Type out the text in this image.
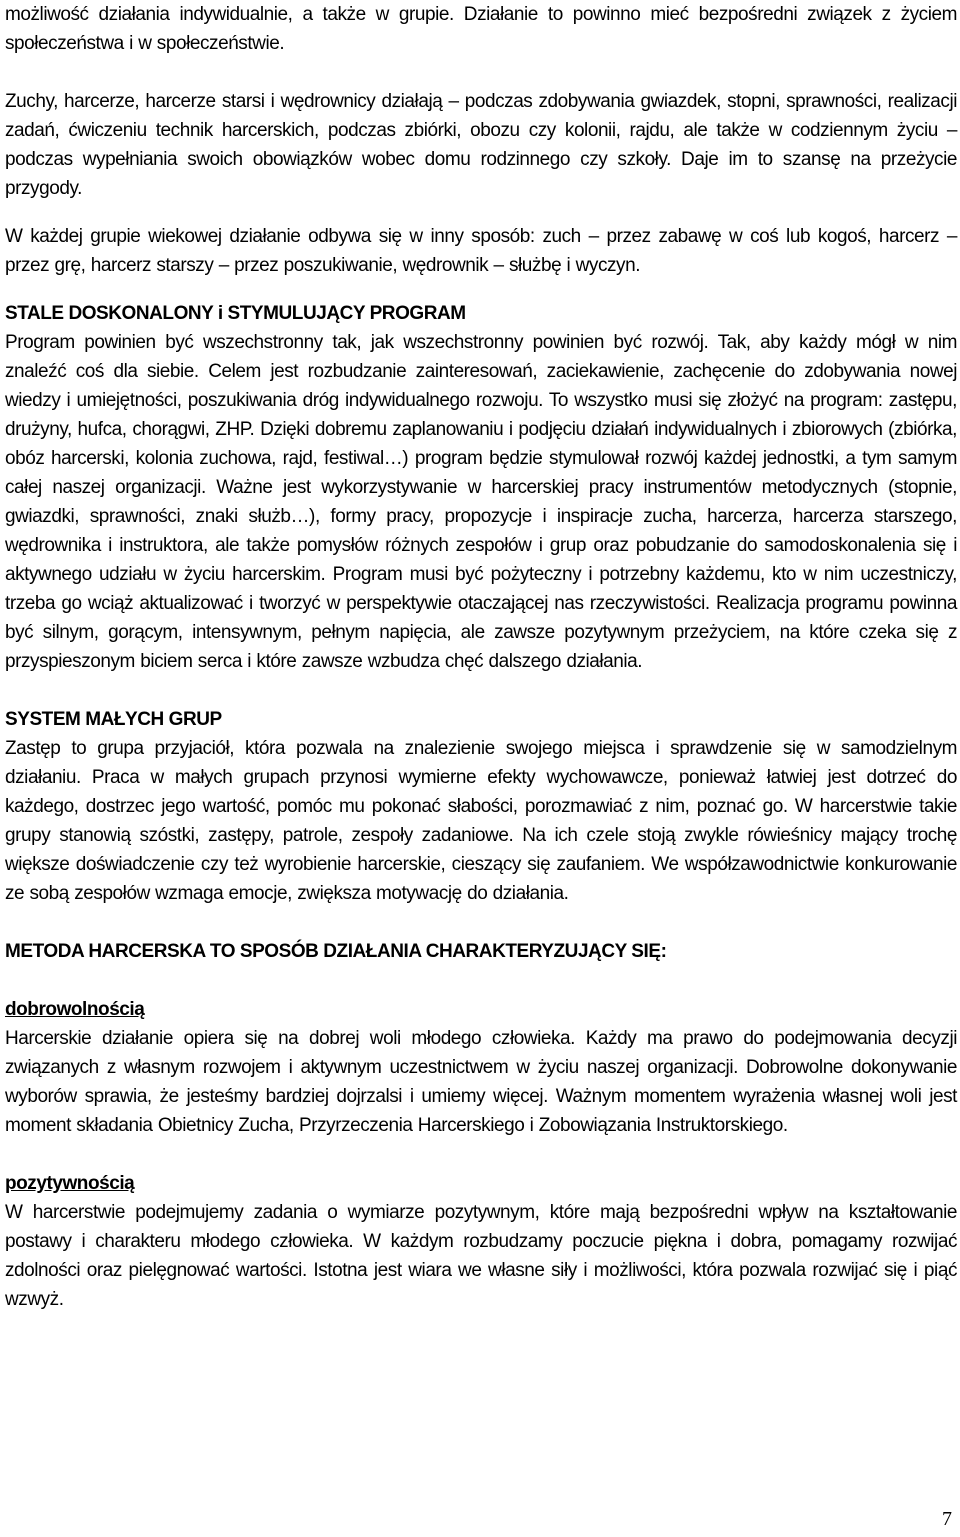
możliwość działania indywidualnie, a także w grupie. Działanie to powinno mieć bezpośredni związek z życiem społeczeństwa i w społeczeństwie.

Zuchy, harcerze, harcerze starsi i wędrownicy działają – podczas zdobywania gwiazdek, stopni, sprawności, realizacji zadań, ćwiczeniu technik harcerskich, podczas zbiórki, obozu czy kolonii, rajdu, ale także w codziennym życiu – podczas wypełniania swoich obowiązków wobec domu rodzinnego czy szkoły. Daje im to szansę na przeżycie przygody.

W każdej grupie wiekowej działanie odbywa się w inny sposób: zuch – przez zabawę w coś lub kogoś, harcerz – przez grę, harcerz starszy – przez poszukiwanie, wędrownik – służbę i wyczyn.

STALE DOSKONALONY i STYMULUJĄCY PROGRAM

Program powinien być wszechstronny tak, jak wszechstronny powinien być rozwój. Tak, aby każdy mógł w nim znaleźć coś dla siebie. Celem jest rozbudzanie zainteresowań, zaciekawienie, zachęcenie do zdobywania nowej wiedzy i umiejętności, poszukiwania dróg indywidualnego rozwoju. To wszystko musi się złożyć na program: zastępu, drużyny, hufca, chorągwi, ZHP. Dzięki dobremu zaplanowaniu i podjęciu działań indywidualnych i zbiorowych (zbiórka, obóz harcerski, kolonia zuchowa, rajd, festiwal…) program będzie stymulował rozwój każdej jednostki, a tym samym całej naszej organizacji. Ważne jest wykorzystywanie w harcerskiej pracy instrumentów metodycznych (stopnie, gwiazdki, sprawności, znaki służb…), formy pracy, propozycje i inspiracje zucha, harcerza, harcerza starszego, wędrownika i instruktora, ale także pomysłów różnych zespołów i grup oraz pobudzanie do samodoskonalenia się i aktywnego udziału w życiu harcerskim. Program musi być pożyteczny i potrzebny każdemu, kto w nim uczestniczy, trzeba go wciąż aktualizować i tworzyć w perspektywie otaczającej nas rzeczywistości. Realizacja programu powinna być silnym, gorącym, intensywnym, pełnym napięcia, ale zawsze pozytywnym przeżyciem, na które czeka się z przyspieszonym biciem serca i które zawsze wzbudza chęć dalszego działania.

SYSTEM MAŁYCH GRUP

Zastęp to grupa przyjaciół, która pozwala na znalezienie swojego miejsca i sprawdzenie się w samodzielnym działaniu. Praca w małych grupach przynosi wymierne efekty wychowawcze, ponieważ łatwiej jest dotrzeć do każdego, dostrzec jego wartość, pomóc mu pokonać słabości, porozmawiać z nim, poznać go. W harcerstwie takie grupy stanowią szóstki, zastępy, patrole, zespoły zadaniowe. Na ich czele stoją zwykle rówieśnicy mający trochę większe doświadczenie czy też wyrobienie harcerskie, cieszący się zaufaniem. We współzawodnictwie konkurowanie ze sobą zespołów wzmaga emocje, zwiększa motywację do działania.

METODA HARCERSKA TO SPOSÓB DZIAŁANIA CHARAKTERYZUJĄCY SIĘ:
dobrowolnością

Harcerskie działanie opiera się na dobrej woli młodego człowieka. Każdy ma prawo do podejmowania decyzji związanych z własnym rozwojem i aktywnym uczestnictwem w życiu naszej organizacji. Dobrowolne dokonywanie wyborów sprawia, że jesteśmy bardziej dojrzalsi i umiemy więcej. Ważnym momentem wyrażenia własnej woli jest moment składania Obietnicy Zucha, Przyrzeczenia Harcerskiego i Zobowiązania Instruktorskiego.

pozytywnością

W harcerstwie podejmujemy zadania o wymiarze pozytywnym, które mają bezpośredni wpływ na kształtowanie postawy i charakteru młodego człowieka. W każdym rozbudzamy poczucie piękna i dobra, pomagamy rozwijać zdolności oraz pielęgnować wartości. Istotna jest wiara we własne siły i możliwości, która pozwala rozwijać się i piąć wzwyż.

7
